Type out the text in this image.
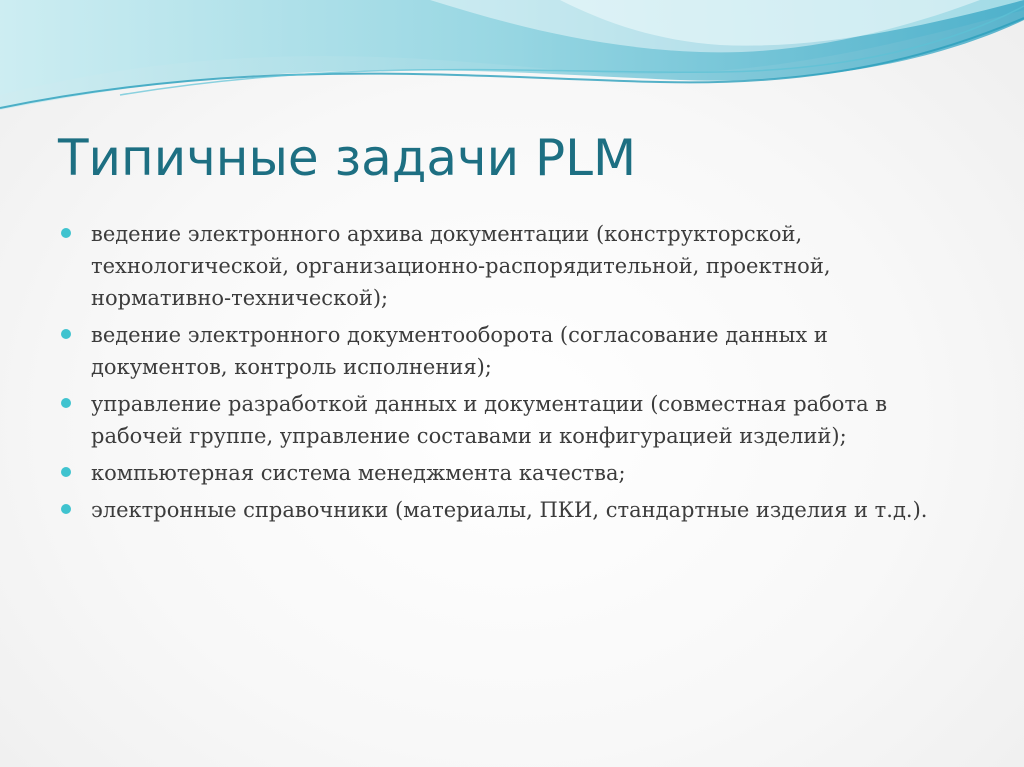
Типичные задачи PLM
ведение электронного архива документации (конструкторской, технологической, организационно-распорядительной, проектной, нормативно-технической);
ведение электронного документооборота (согласование данных и документов, контроль исполнения);
управление разработкой данных и документации (совместная работа в рабочей группе, управление составами и конфигурацией изделий);
компьютерная система менеджмента качества;
электронные справочники (материалы, ПКИ, стандартные изделия и т.д.).
